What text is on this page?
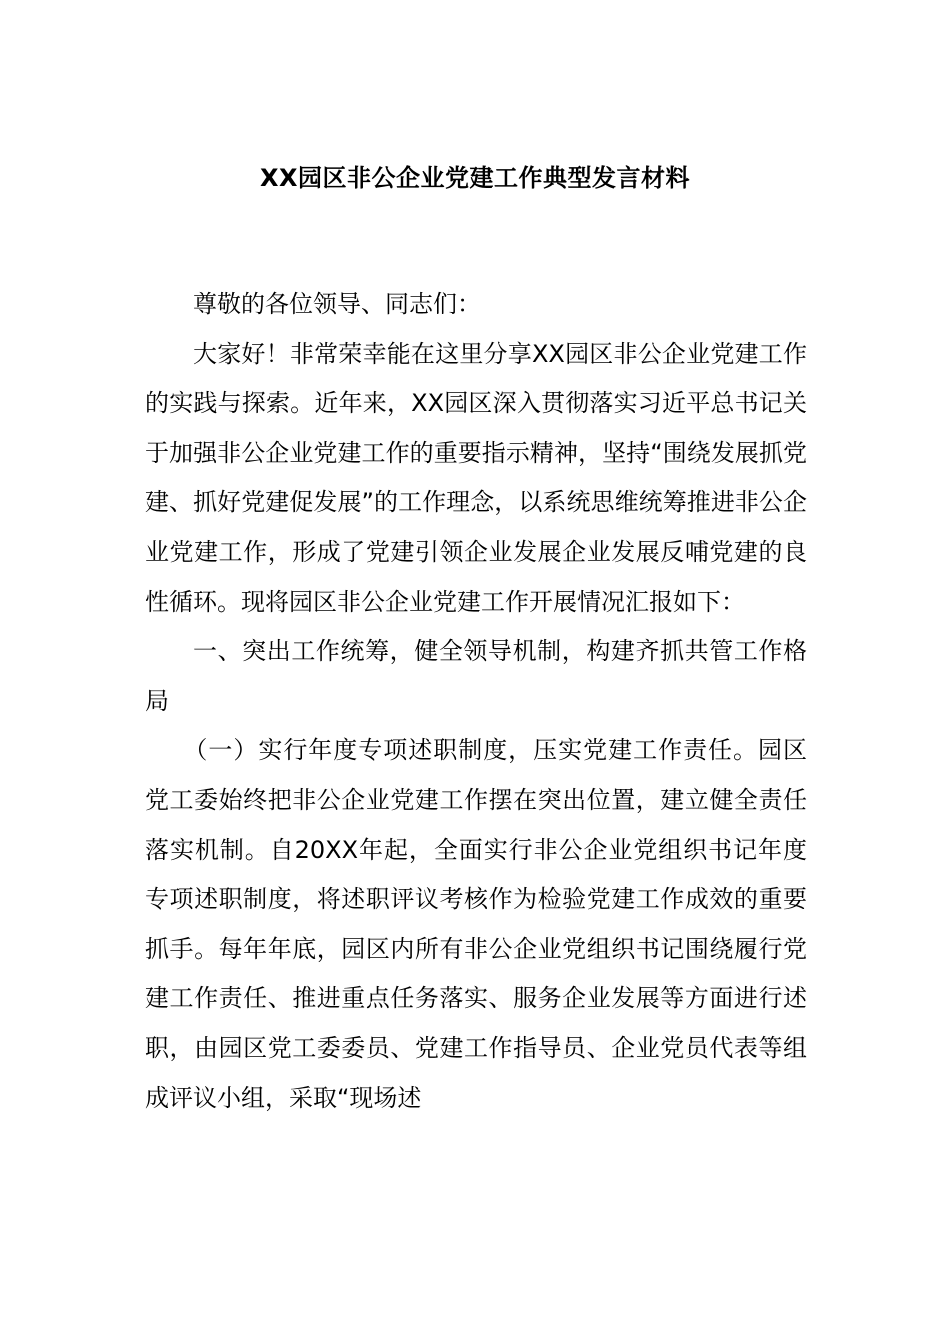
XX园区非公企业党建工作典型发言材料

尊敬的各位领导、同志们：

大家好！非常荣幸能在这里分享XX园区非公企业党建工作的实践与探索。近年来，XX园区深入贯彻落实习近平总书记关于加强非公企业党建工作的重要指示精神，坚持“围绕发展抓党建、抓好党建促发展”的工作理念，以系统思维统筹推进非公企业党建工作，形成了党建引领企业发展企业发展反哺党建的良性循环。现将园区非公企业党建工作开展情况汇报如下：

一、突出工作统筹，健全领导机制，构建齐抓共管工作格局

（一）实行年度专项述职制度，压实党建工作责任。园区党工委始终把非公企业党建工作摆在突出位置，建立健全责任落实机制。自20XX年起，全面实行非公企业党组织书记年度专项述职制度，将述职评议考核作为检验党建工作成效的重要抓手。每年年底，园区内所有非公企业党组织书记围绕履行党建工作责任、推进重点任务落实、服务企业发展等方面进行述职，由园区党工委委员、党建工作指导员、企业党员代表等组成评议小组，采取“现场述
